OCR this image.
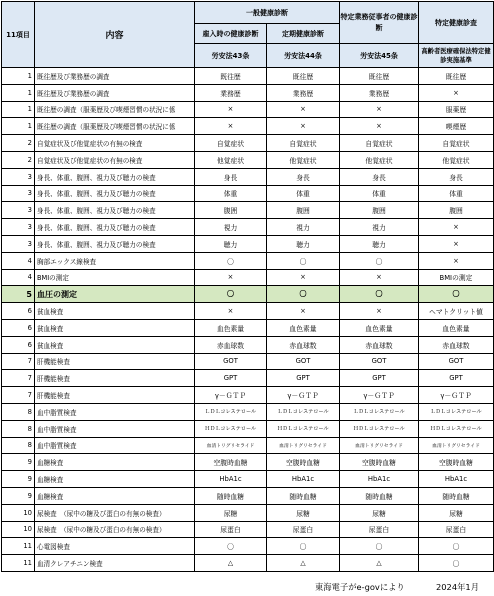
11項目	内容	一般健康診断		特定業務従事者の健康診断	特定健康診査
		雇入時の健康診断	定期健康診断		
		労安法43条	労安法44条	労安法45条	高齢者医療確保法特定健診実施基準
1	既往歴及び業務歴の調査	既往歴	既往歴	既往歴	既往歴
1	既往歴及び業務歴の調査	業務歴	業務歴	業務歴	×
1	既往歴の調査（服薬歴及び喫煙習慣の状況に係	×	×	×	服薬歴
1	既往歴の調査（服薬歴及び喫煙習慣の状況に係	×	×	×	喫煙歴
2	自覚症状及び他覚症状の有無の検査	自覚症状	自覚症状	自覚症状	自覚症状
2	自覚症状及び他覚症状の有無の検査	他覚症状	他覚症状	他覚症状	他覚症状
3	身長、体重、腹囲、視力及び聴力の検査	身長	身長	身長	身長
3	身長、体重、腹囲、視力及び聴力の検査	体重	体重	体重	体重
3	身長、体重、腹囲、視力及び聴力の検査	腹囲	腹囲	腹囲	腹囲
3	身長、体重、腹囲、視力及び聴力の検査	視力	視力	視力	×
3	身長、体重、腹囲、視力及び聴力の検査	聴力	聴力	聴力	×
4	胸部エックス線検査	〇	〇	〇	×
4	BMIの測定	×	×	×	BMIの測定
5	血圧の測定	〇	〇	〇	〇
6	貧血検査	×	×	×	ヘマトクリット値
6	貧血検査	血色素量	血色素量	血色素量	血色素量
6	貧血検査	赤血球数	赤血球数	赤血球数	赤血球数
7	肝機能検査	GOT	GOT	GOT	GOT
7	肝機能検査	GPT	GPT	GPT	GPT
7	肝機能検査	γ－ＧＴＰ	γ－ＧＴＰ	γ－ＧＴＰ	γ－ＧＴＰ
8	血中脂質検査	ＬＤＬコレステロール	ＬＤＬコレステロール	ＬＤＬコレステロール	ＬＤＬコレステロール
8	血中脂質検査	ＨＤＬコレステロール	ＨＤＬコレステロール	ＨＤＬコレステロール	ＨＤＬコレステロール
8	血中脂質検査	血清トリグリセライド	血清トリグリセライド	血清トリグリセライド	血清トリグリセライド
9	血糖検査	空腹時血糖	空腹時血糖	空腹時血糖	空腹時血糖
9	血糖検査	HbA1c	HbA1c	HbA1c	HbA1c
9	血糖検査	随時血糖	随時血糖	随時血糖	随時血糖
10	尿検査　（尿中の糖及び蛋白の有無の検査）	尿糖	尿糖	尿糖	尿糖
10	尿検査　（尿中の糖及び蛋白の有無の検査）	尿蛋白	尿蛋白	尿蛋白	尿蛋白
11	心電図検査	〇	〇	〇	〇
11	血清クレアチニン検査	△	△	△	〇
東海電子がe-govにより	2024年1月
